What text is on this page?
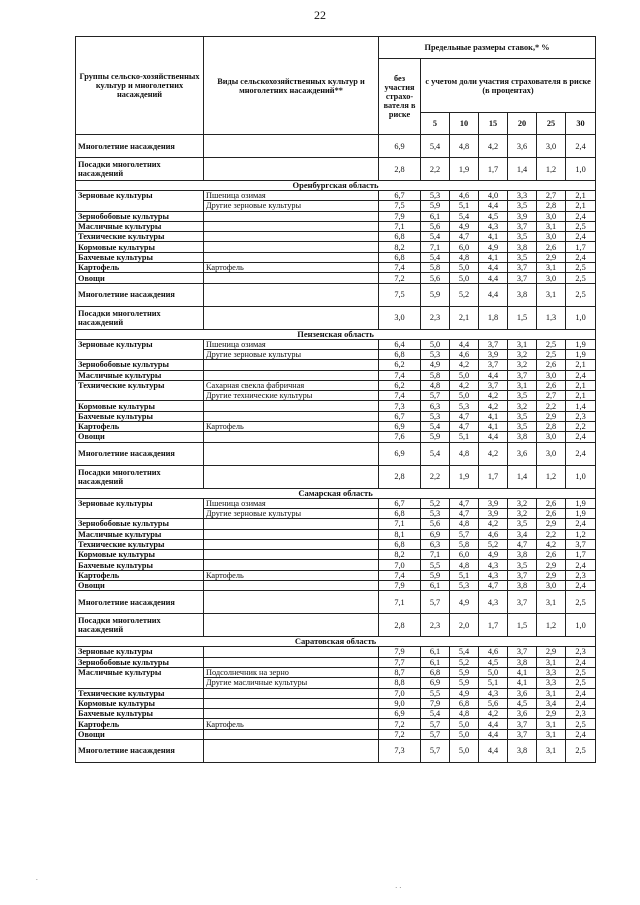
22
Группы сельско-хозяйственных культур и многолетних насаждений	Виды сельскохозяйственных культур и многолетних насаждений**	Предельные размеры ставок,* %						
		без участия страхо-вателя в риске	с учетом доли участия страхователя в риске (в процентах)					
			5	10	15	20	25	30
Многолетние насаждения		6,9	5,4	4,8	4,2	3,6	3,0	2,4
Посадки многолетних насаждений		2,8	2,2	1,9	1,7	1,4	1,2	1,0
Оренбургская область								
Зерновые культуры	Пшеница озимая	6,7	5,3	4,6	4,0	3,3	2,7	2,1
	Другие зерновые культуры	7,5	5,9	5,1	4,4	3,5	2,8	2,1
Зернобобовые культуры		7,9	6,1	5,4	4,5	3,9	3,0	2,4
Масличные культуры		7,1	5,6	4,9	4,3	3,7	3,1	2,5
Технические культуры		6,8	5,4	4,7	4,1	3,5	3,0	2,4
Кормовые культуры		8,2	7,1	6,0	4,9	3,8	2,6	1,7
Бахчевые культуры		6,8	5,4	4,8	4,1	3,5	2,9	2,4
Картофель	Картофель	7,4	5,8	5,0	4,4	3,7	3,1	2,5
Овощи		7,2	5,6	5,0	4,4	3,7	3,0	2,5
Многолетние насаждения		7,5	5,9	5,2	4,4	3,8	3,1	2,5
Посадки многолетних насаждений		3,0	2,3	2,1	1,8	1,5	1,3	1,0
Пензенская область								
Зерновые культуры	Пшеница озимая	6,4	5,0	4,4	3,7	3,1	2,5	1,9
	Другие зерновые культуры	6,8	5,3	4,6	3,9	3,2	2,5	1,9
Зернобобовые культуры		6,2	4,9	4,2	3,7	3,2	2,6	2,1
Масличные культуры		7,4	5,8	5,0	4,4	3,7	3,0	2,4
Технические культуры	Сахарная свекла фабричная	6,2	4,8	4,2	3,7	3,1	2,6	2,1
	Другие технические культуры	7,4	5,7	5,0	4,2	3,5	2,7	2,1
Кормовые культуры		7,3	6,3	5,3	4,2	3,2	2,2	1,4
Бахчевые культуры		6,7	5,3	4,7	4,1	3,5	2,9	2,3
Картофель	Картофель	6,9	5,4	4,7	4,1	3,5	2,8	2,2
Овощи		7,6	5,9	5,1	4,4	3,8	3,0	2,4
Многолетние насаждения		6,9	5,4	4,8	4,2	3,6	3,0	2,4
Посадки многолетних насаждений		2,8	2,2	1,9	1,7	1,4	1,2	1,0
Самарская область								
Зерновые культуры	Пшеница озимая	6,7	5,2	4,7	3,9	3,2	2,6	1,9
	Другие зерновые культуры	6,8	5,3	4,7	3,9	3,2	2,6	1,9
Зернобобовые культуры		7,1	5,6	4,8	4,2	3,5	2,9	2,4
Масличные культуры		8,1	6,9	5,7	4,6	3,4	2,2	1,2
Технические культуры		6,8	6,3	5,8	5,2	4,7	4,2	3,7
Кормовые культуры		8,2	7,1	6,0	4,9	3,8	2,6	1,7
Бахчевые культуры		7,0	5,5	4,8	4,3	3,5	2,9	2,4
Картофель	Картофель	7,4	5,9	5,1	4,3	3,7	2,9	2,3
Овощи		7,9	6,1	5,3	4,7	3,8	3,0	2,4
Многолетние насаждения		7,1	5,7	4,9	4,3	3,7	3,1	2,5
Посадки многолетних насаждений		2,8	2,3	2,0	1,7	1,5	1,2	1,0
Саратовская область								
Зерновые культуры		7,9	6,1	5,4	4,6	3,7	2,9	2,3
Зернобобовые культуры		7,7	6,1	5,2	4,5	3,8	3,1	2,4
Масличные культуры	Подсолнечник на зерно	8,7	6,8	5,9	5,0	4,1	3,3	2,5
	Другие масличные культуры	8,8	6,9	5,9	5,1	4,1	3,3	2,5
Технические культуры		7,0	5,5	4,9	4,3	3,6	3,1	2,4
Кормовые культуры		9,0	7,9	6,8	5,6	4,5	3,4	2,4
Бахчевые культуры		6,9	5,4	4,8	4,2	3,6	2,9	2,3
Картофель	Картофель	7,2	5,7	5,0	4,4	3,7	3,1	2,5
Овощи		7,2	5,7	5,0	4,4	3,7	3,1	2,4
Многолетние насаждения		7,3	5,7	5,0	4,4	3,8	3,1	2,5
.
· ·
